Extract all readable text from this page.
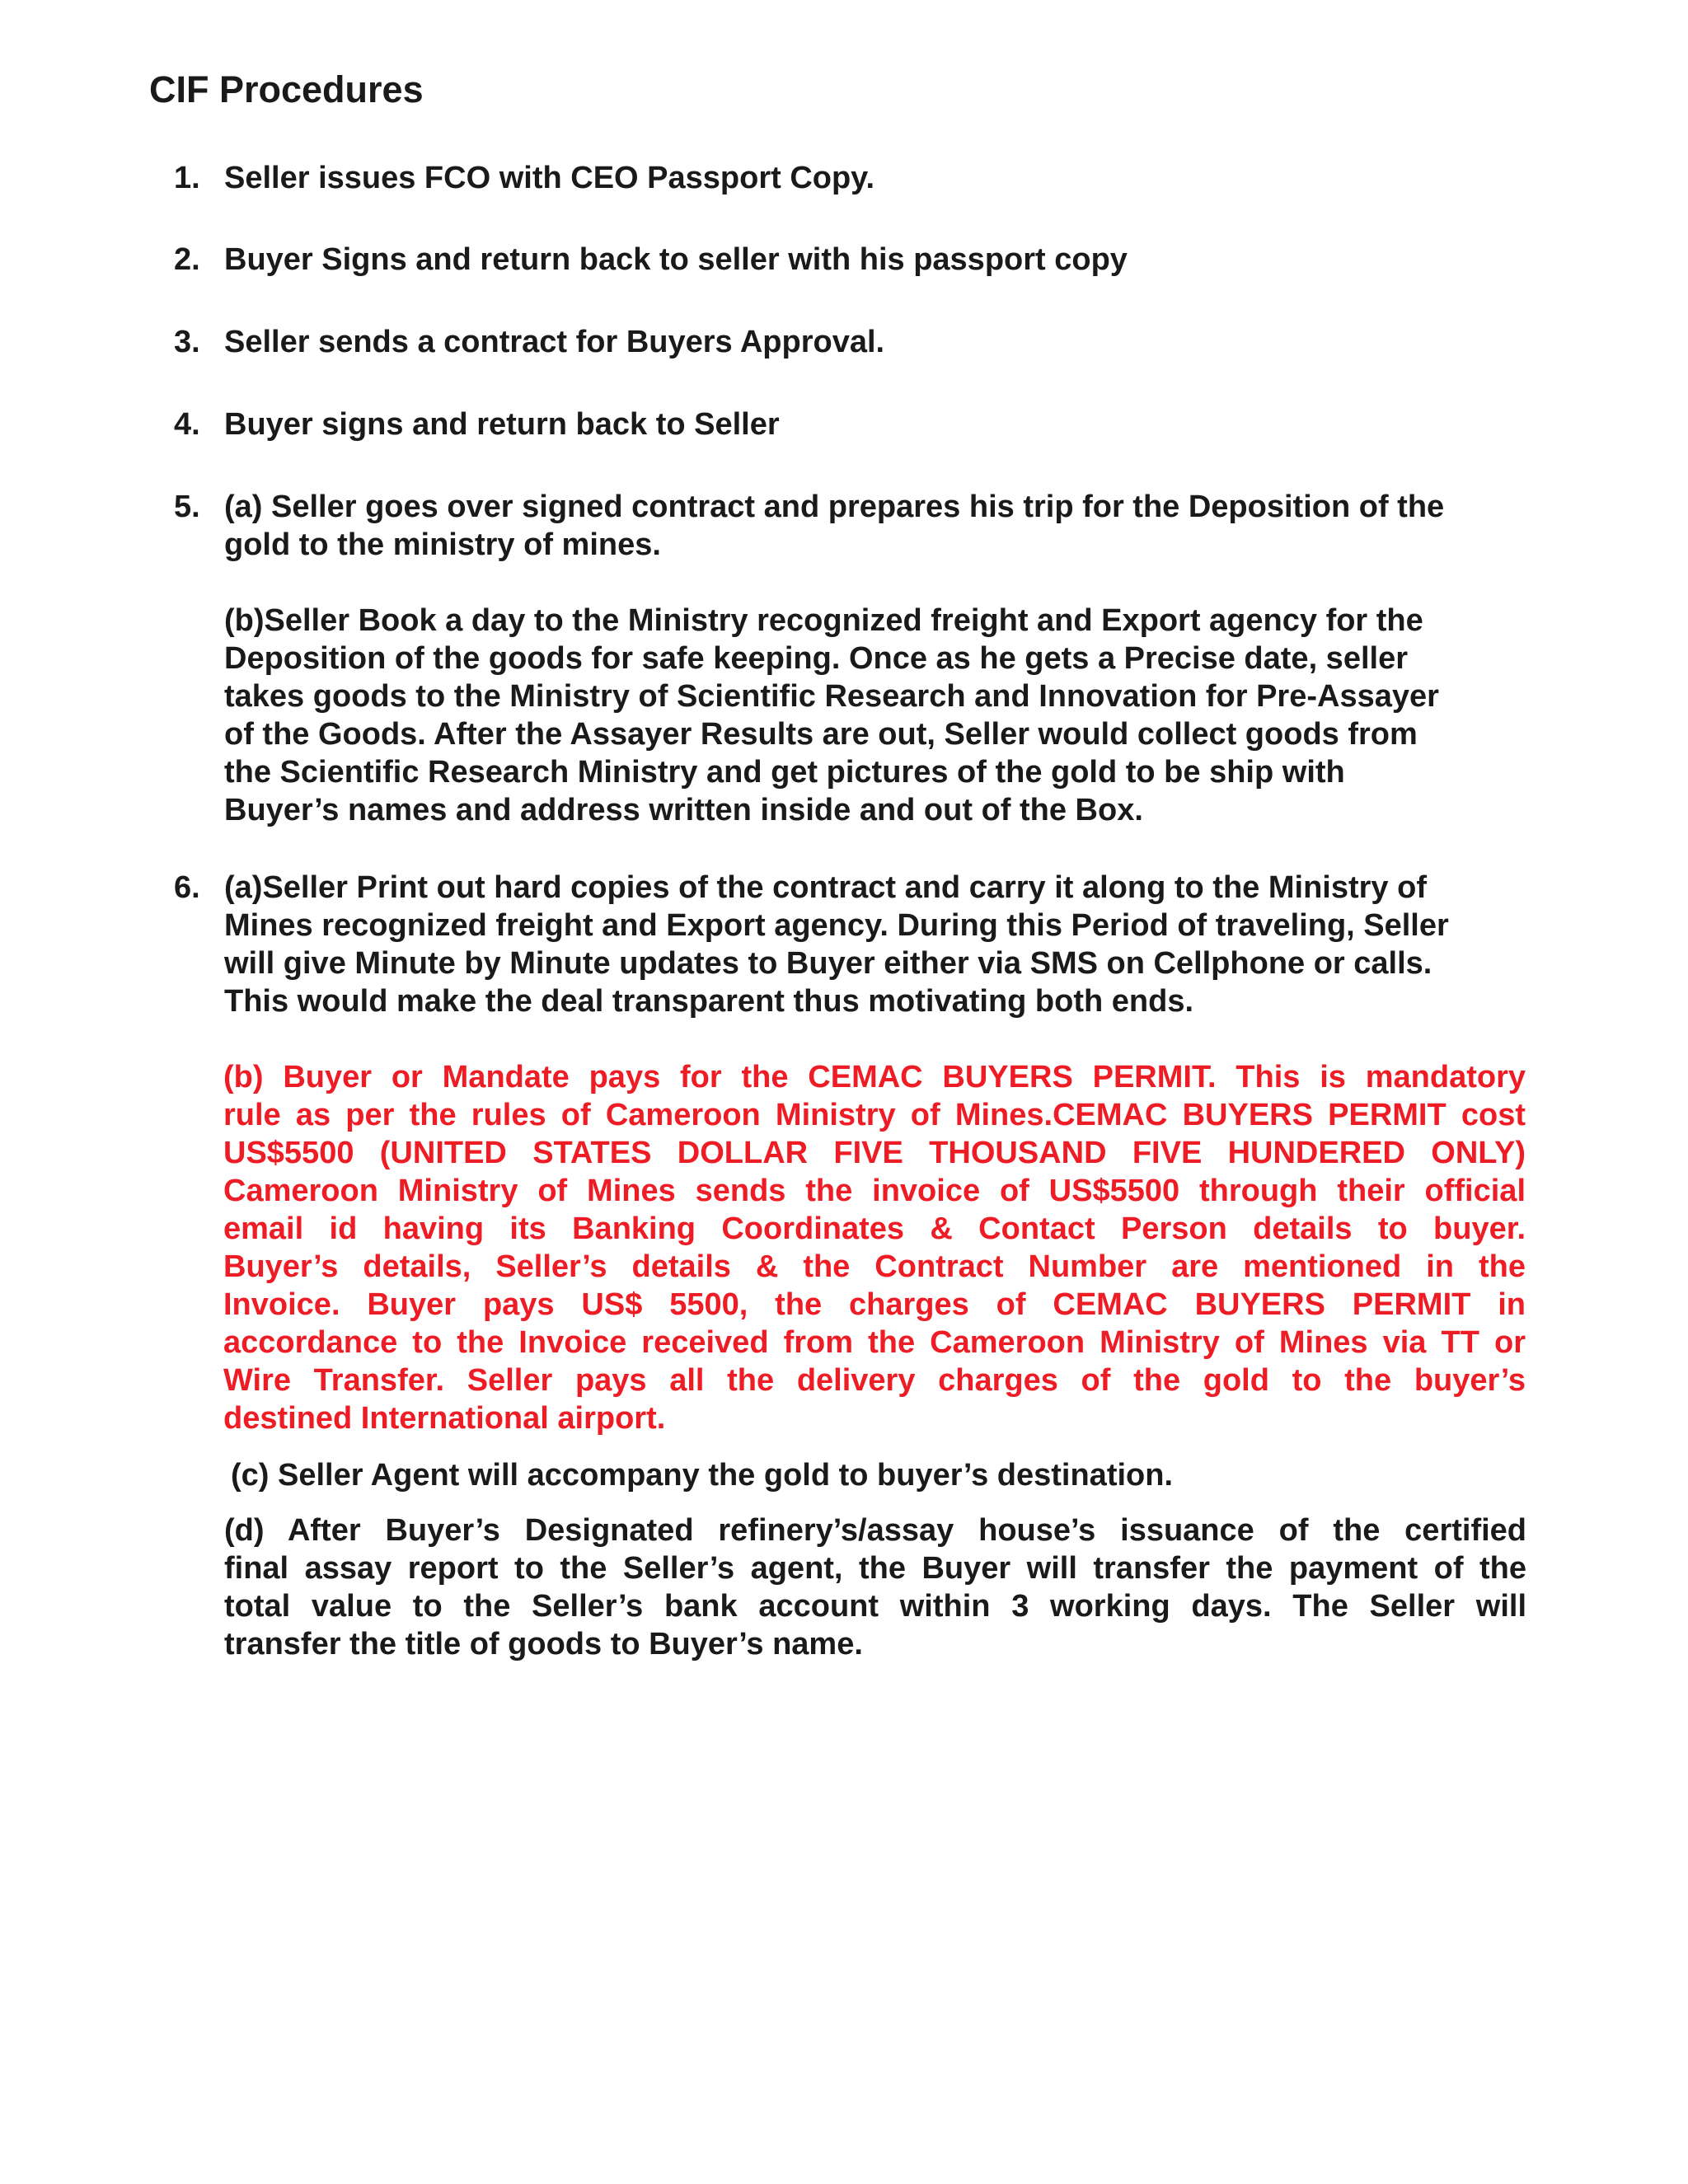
CIF Procedures
1. Seller issues FCO with CEO Passport Copy.
2. Buyer Signs and return back to seller with his passport copy
3. Seller sends a contract for Buyers Approval.
4. Buyer signs and return back to Seller
5. (a) Seller goes over signed contract and prepares his trip for the Deposition of the
gold to the ministry of mines.
(b)Seller Book a day to the Ministry recognized freight and Export agency for the
Deposition of the goods for safe keeping. Once as he gets a Precise date, seller
takes goods to the Ministry of Scientific Research and Innovation for Pre-Assayer
of the Goods. After the Assayer Results are out, Seller would collect goods from
the Scientific Research Ministry and get pictures of the gold to be ship with
Buyer’s names and address written inside and out of the Box.
6. (a)Seller Print out hard copies of the contract and carry it along to the Ministry of
Mines recognized freight and Export agency. During this Period of traveling, Seller
will give Minute by Minute updates to Buyer either via SMS on Cellphone or calls.
This would make the deal transparent thus motivating both ends.
(b) Buyer or Mandate pays for the CEMAC BUYERS PERMIT. This is mandatory
rule as per the rules of Cameroon Ministry of Mines.CEMAC BUYERS PERMIT cost
US$5500 (UNITED STATES DOLLAR FIVE THOUSAND FIVE HUNDERED ONLY)
Cameroon Ministry of Mines sends the invoice of US$5500 through their official
email id having its Banking Coordinates & Contact Person details to buyer.
Buyer’s details, Seller’s details & the Contract Number are mentioned in the
Invoice. Buyer pays US$ 5500, the charges of CEMAC BUYERS PERMIT in
accordance to the Invoice received from the Cameroon Ministry of Mines via TT or
Wire Transfer. Seller pays all the delivery charges of the gold to the buyer’s
destined International airport.
(c) Seller Agent will accompany the gold to buyer’s destination.
(d) After Buyer’s Designated refinery’s/assay house’s issuance of the certified
final assay report to the Seller’s agent, the Buyer will transfer the payment of the
total value to the Seller’s bank account within 3 working days. The Seller will
transfer the title of goods to Buyer’s name.
